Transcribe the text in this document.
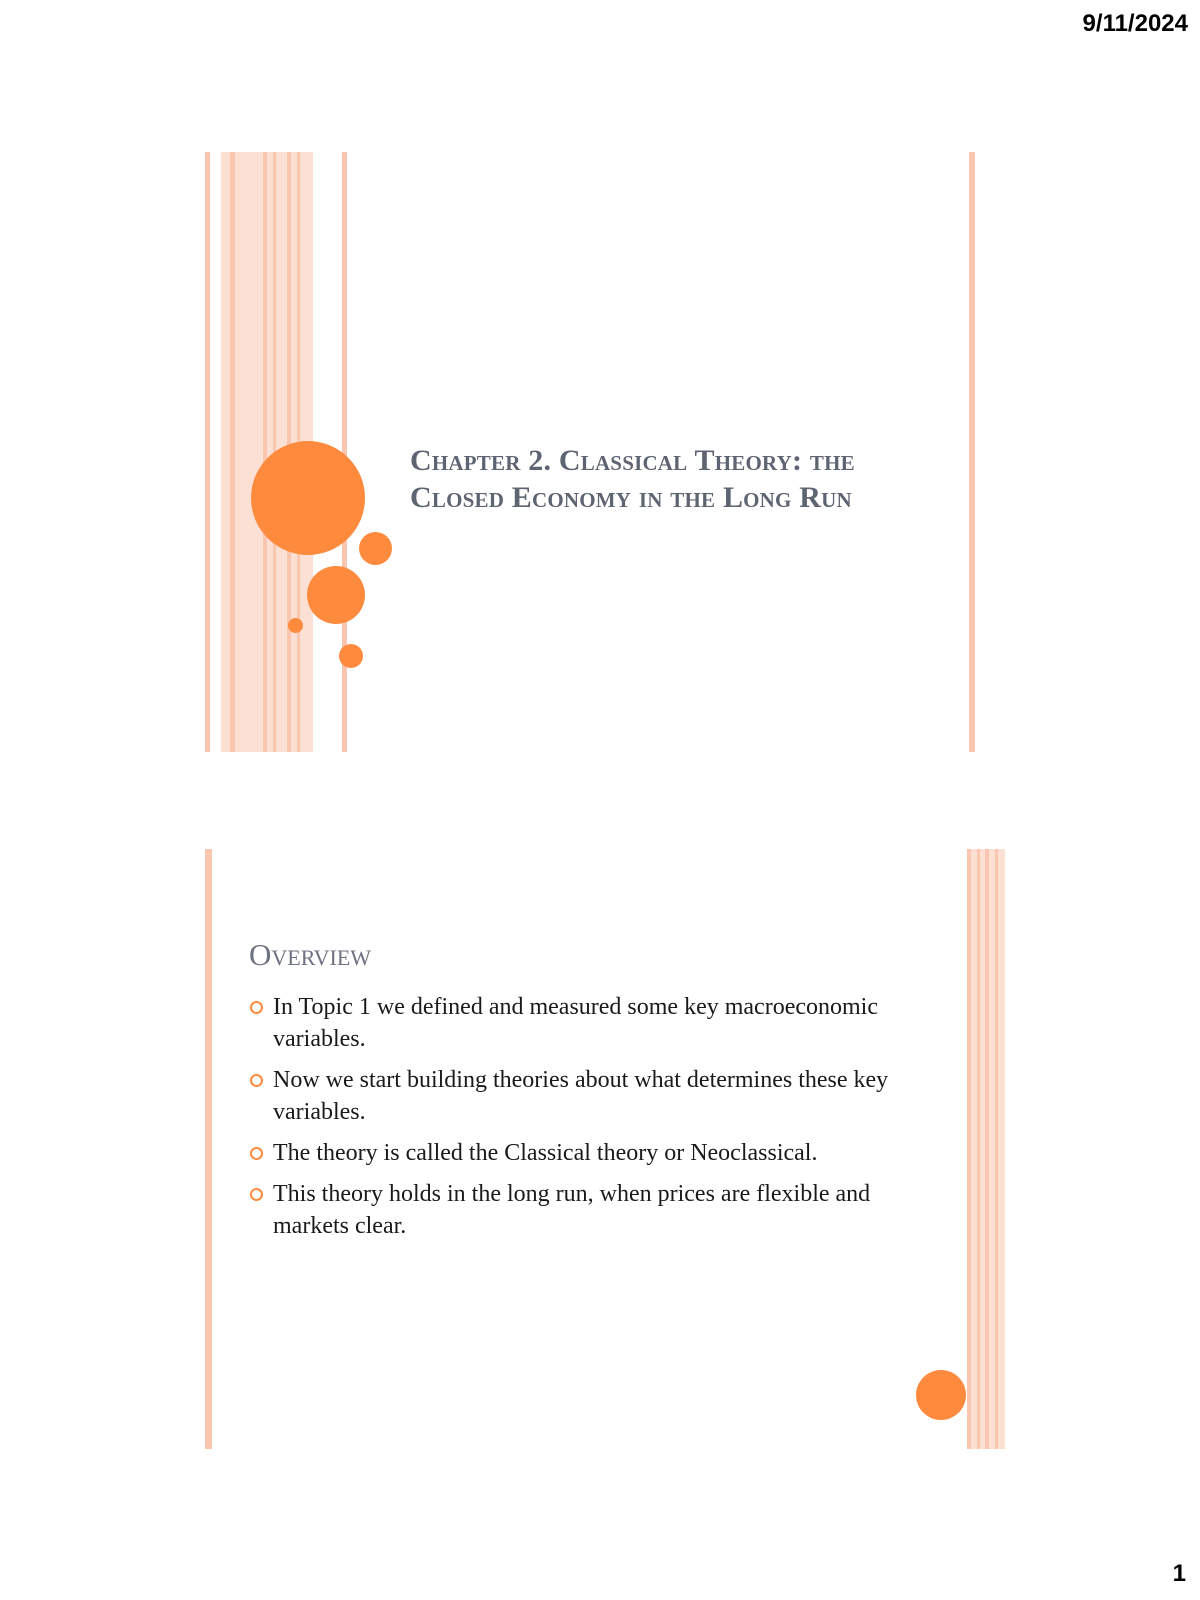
9/11/2024
Chapter 2. Classical Theory: the Closed Economy in the Long Run
Overview
In Topic 1 we defined and measured some key macroeconomic variables.
Now we start building theories about what determines these key variables.
The theory is called the Classical theory or Neoclassical.
This theory holds in the long run, when prices are flexible and markets clear.
1
